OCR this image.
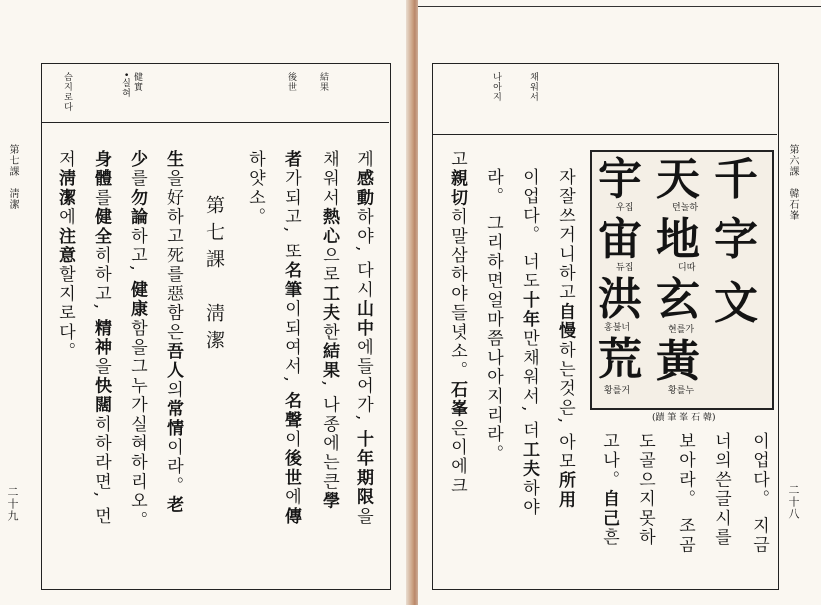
第七課　淸潔
二十九
結果
後世
健實
•실혀
슴지로다
게感動하야, 다시山中에들어가, 十年期限을
채워서熱心으로工夫한結果, 나종에는큰學
者가되고, 또名筆이되여서, 名聲이後世에傳
하얏소。
第七課　淸潔
生을好하고死를惡함은吾人의常情이라。老
少를勿論하고, 健康함을그누가실혀하리오。
身體를健全히하고, 精神을快闊히하라면, 먼
저淸潔에注意할지로다。
第六課　韓石峯
二十八
채워서
나아지
千
字
文
天
地
玄
黃
宇
宙
洪
荒
텬놀하
디따
현를가
황를누
우집
듀집
홍불너
황를거
(蹟 筆 峯 石 韓)
고親切히말삼하야들녓소。石峯은이에크 라。 그리하면얼마쯤나아지리라。 이업다。 너도十年만채워서, 더工夫하야
자잘쓰거니하고自慢하는것은, 아모所用
고나。自己흔 도골으지못하 보아라。 조곰 너의쓴글시를 이업다。 지금
